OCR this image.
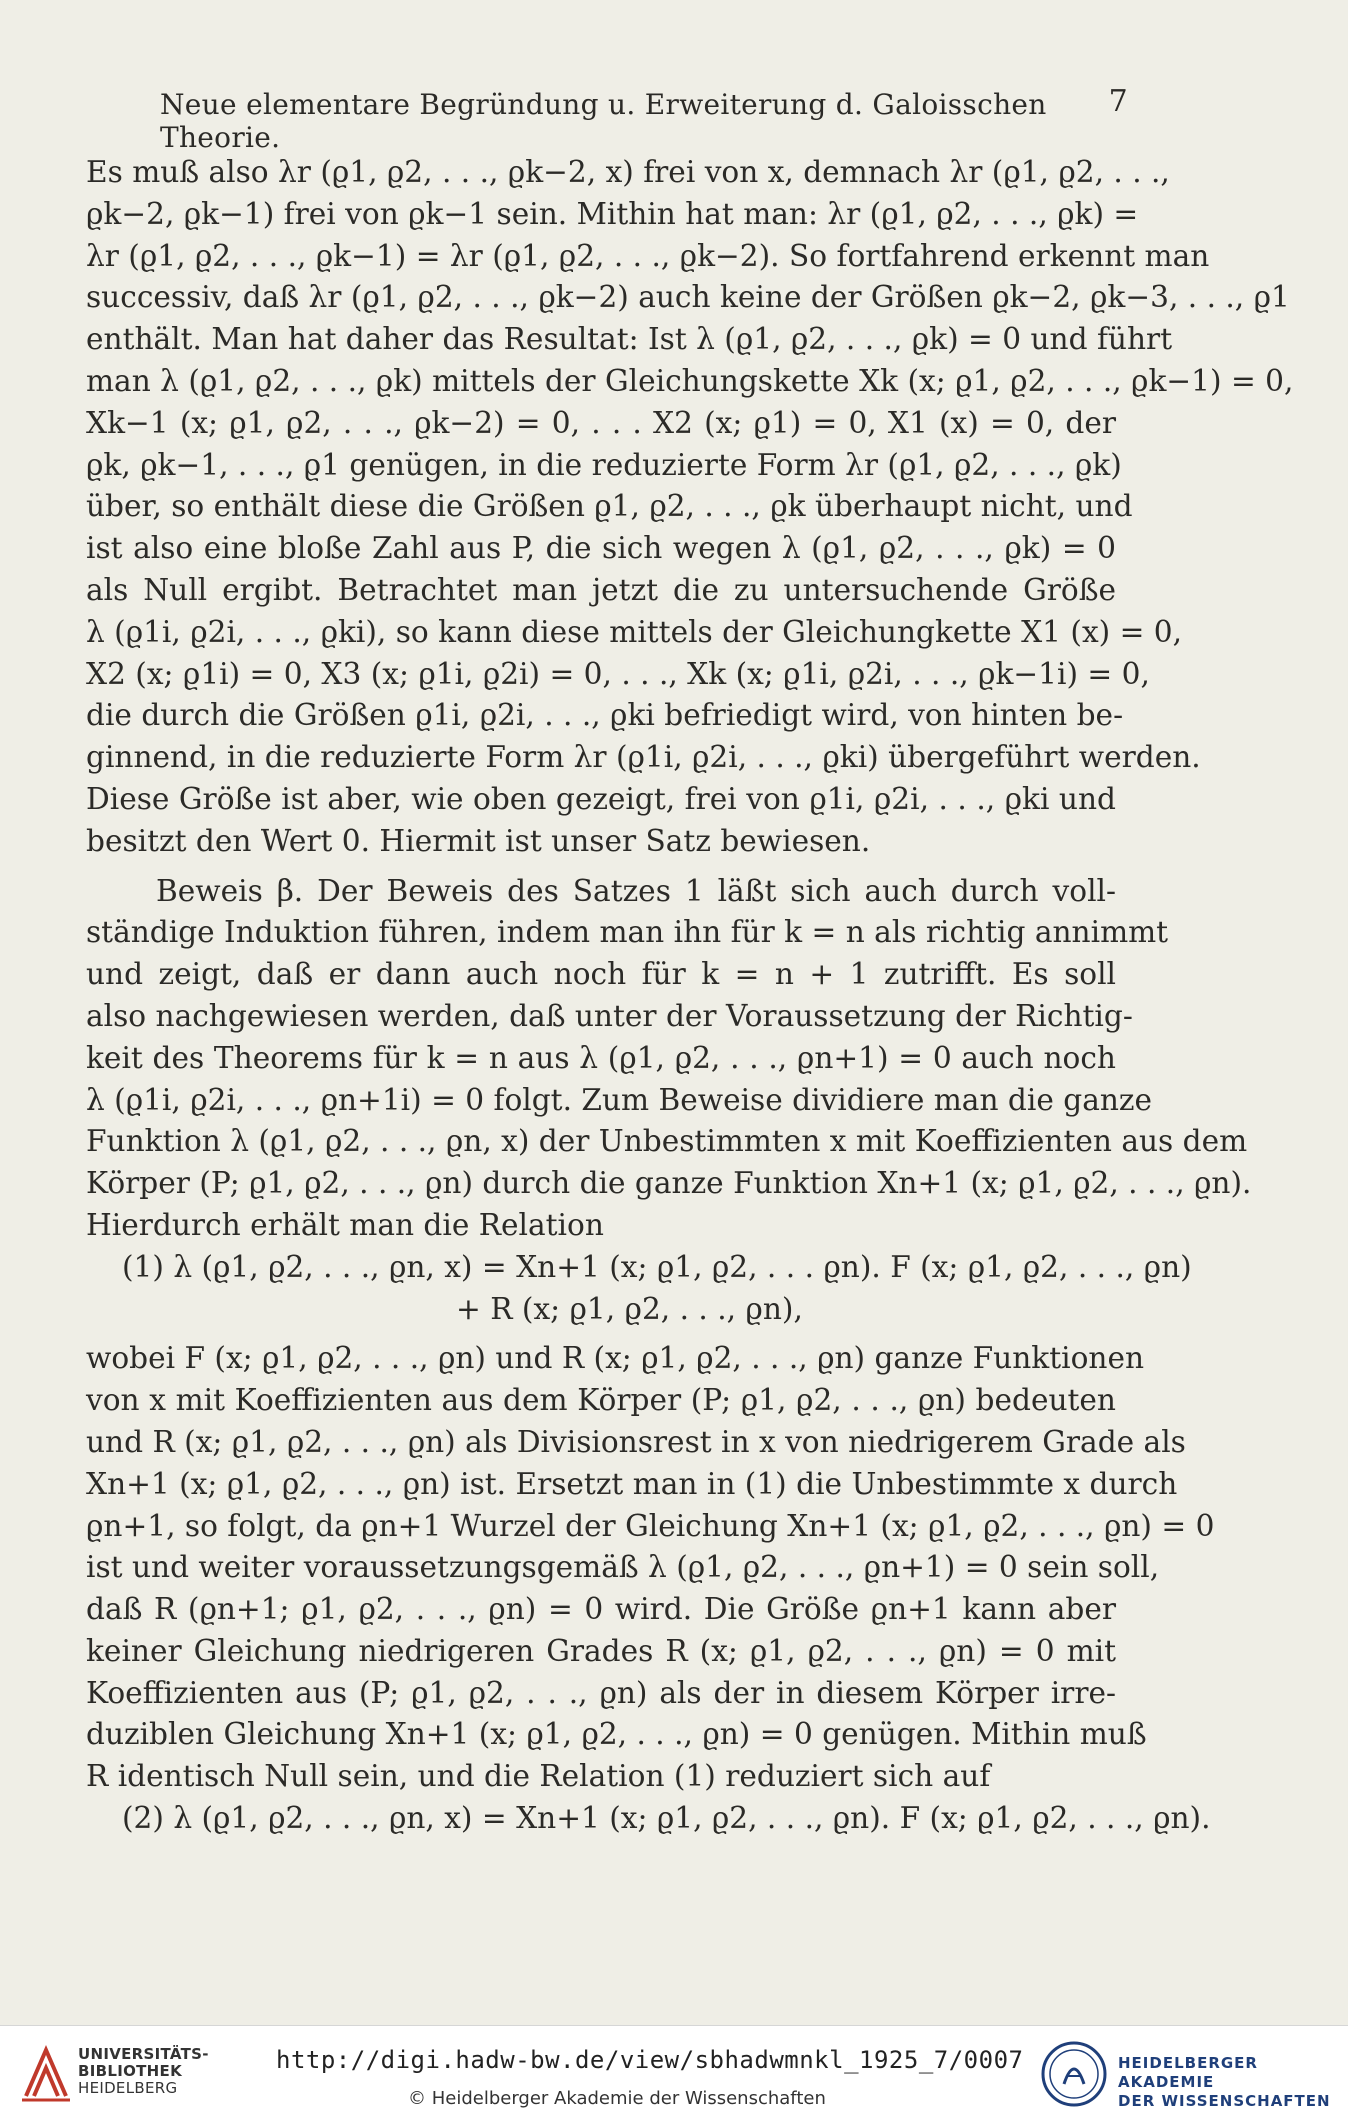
Neue elementare Begründung u. Erweiterung d. Galoisschen Theorie.
7
Es muß also λr (ϱ1, ϱ2, . . ., ϱk−2, x) frei von x, demnach λr (ϱ1, ϱ2, . . .,
ϱk−2, ϱk−1) frei von ϱk−1 sein. Mithin hat man: λr (ϱ1, ϱ2, . . ., ϱk) =
λr (ϱ1, ϱ2, . . ., ϱk−1) = λr (ϱ1, ϱ2, . . ., ϱk−2). So fortfahrend erkennt man
successiv, daß λr (ϱ1, ϱ2, . . ., ϱk−2) auch keine der Größen ϱk−2, ϱk−3, . . ., ϱ1
enthält. Man hat daher das Resultat: Ist λ (ϱ1, ϱ2, . . ., ϱk) = 0 und führt
man λ (ϱ1, ϱ2, . . ., ϱk) mittels der Gleichungskette Xk (x; ϱ1, ϱ2, . . ., ϱk−1) = 0,
Xk−1 (x; ϱ1, ϱ2, . . ., ϱk−2) = 0, . . . X2 (x; ϱ1) = 0, X1 (x) = 0, der
ϱk, ϱk−1, . . ., ϱ1 genügen, in die reduzierte Form λr (ϱ1, ϱ2, . . ., ϱk)
über, so enthält diese die Größen ϱ1, ϱ2, . . ., ϱk überhaupt nicht, und
ist also eine bloße Zahl aus P, die sich wegen λ (ϱ1, ϱ2, . . ., ϱk) = 0
als Null ergibt. Betrachtet man jetzt die zu untersuchende Größe
λ (ϱ1i, ϱ2i, . . ., ϱki), so kann diese mittels der Gleichungkette X1 (x) = 0,
X2 (x; ϱ1i) = 0, X3 (x; ϱ1i, ϱ2i) = 0, . . ., Xk (x; ϱ1i, ϱ2i, . . ., ϱk−1i) = 0,
die durch die Größen ϱ1i, ϱ2i, . . ., ϱki befriedigt wird, von hinten be-
ginnend, in die reduzierte Form λr (ϱ1i, ϱ2i, . . ., ϱki) übergeführt werden.
Diese Größe ist aber, wie oben gezeigt, frei von ϱ1i, ϱ2i, . . ., ϱki und
besitzt den Wert 0. Hiermit ist unser Satz bewiesen.
Beweis β. Der Beweis des Satzes 1 läßt sich auch durch voll-
ständige Induktion führen, indem man ihn für k = n als richtig annimmt
und zeigt, daß er dann auch noch für k = n + 1 zutrifft. Es soll
also nachgewiesen werden, daß unter der Voraussetzung der Richtig-
keit des Theorems für k = n aus λ (ϱ1, ϱ2, . . ., ϱn+1) = 0 auch noch
λ (ϱ1i, ϱ2i, . . ., ϱn+1i) = 0 folgt. Zum Beweise dividiere man die ganze
Funktion λ (ϱ1, ϱ2, . . ., ϱn, x) der Unbestimmten x mit Koeffizienten aus dem
Körper (P; ϱ1, ϱ2, . . ., ϱn) durch die ganze Funktion Xn+1 (x; ϱ1, ϱ2, . . ., ϱn).
Hierdurch erhält man die Relation
(1) λ (ϱ1, ϱ2, . . ., ϱn, x) = Xn+1 (x; ϱ1, ϱ2, . . . ϱn). F (x; ϱ1, ϱ2, . . ., ϱn)
+ R (x; ϱ1, ϱ2, . . ., ϱn),
wobei F (x; ϱ1, ϱ2, . . ., ϱn) und R (x; ϱ1, ϱ2, . . ., ϱn) ganze Funktionen
von x mit Koeffizienten aus dem Körper (P; ϱ1, ϱ2, . . ., ϱn) bedeuten
und R (x; ϱ1, ϱ2, . . ., ϱn) als Divisionsrest in x von niedrigerem Grade als
Xn+1 (x; ϱ1, ϱ2, . . ., ϱn) ist. Ersetzt man in (1) die Unbestimmte x durch
ϱn+1, so folgt, da ϱn+1 Wurzel der Gleichung Xn+1 (x; ϱ1, ϱ2, . . ., ϱn) = 0
ist und weiter voraussetzungsgemäß λ (ϱ1, ϱ2, . . ., ϱn+1) = 0 sein soll,
daß R (ϱn+1; ϱ1, ϱ2, . . ., ϱn) = 0 wird. Die Größe ϱn+1 kann aber
keiner Gleichung niedrigeren Grades R (x; ϱ1, ϱ2, . . ., ϱn) = 0 mit
Koeffizienten aus (P; ϱ1, ϱ2, . . ., ϱn) als der in diesem Körper irre-
duziblen Gleichung Xn+1 (x; ϱ1, ϱ2, . . ., ϱn) = 0 genügen. Mithin muß
R identisch Null sein, und die Relation (1) reduziert sich auf
(2) λ (ϱ1, ϱ2, . . ., ϱn, x) = Xn+1 (x; ϱ1, ϱ2, . . ., ϱn). F (x; ϱ1, ϱ2, . . ., ϱn).
UNIVERSITÄTS-
BIBLIOTHEK
HEIDELBERG
http://digi.hadw-bw.de/view/sbhadwmnkl_1925_7/0007
© Heidelberger Akademie der Wissenschaften
HEIDELBERGER AKADEMIE
DER WISSENSCHAFTEN
